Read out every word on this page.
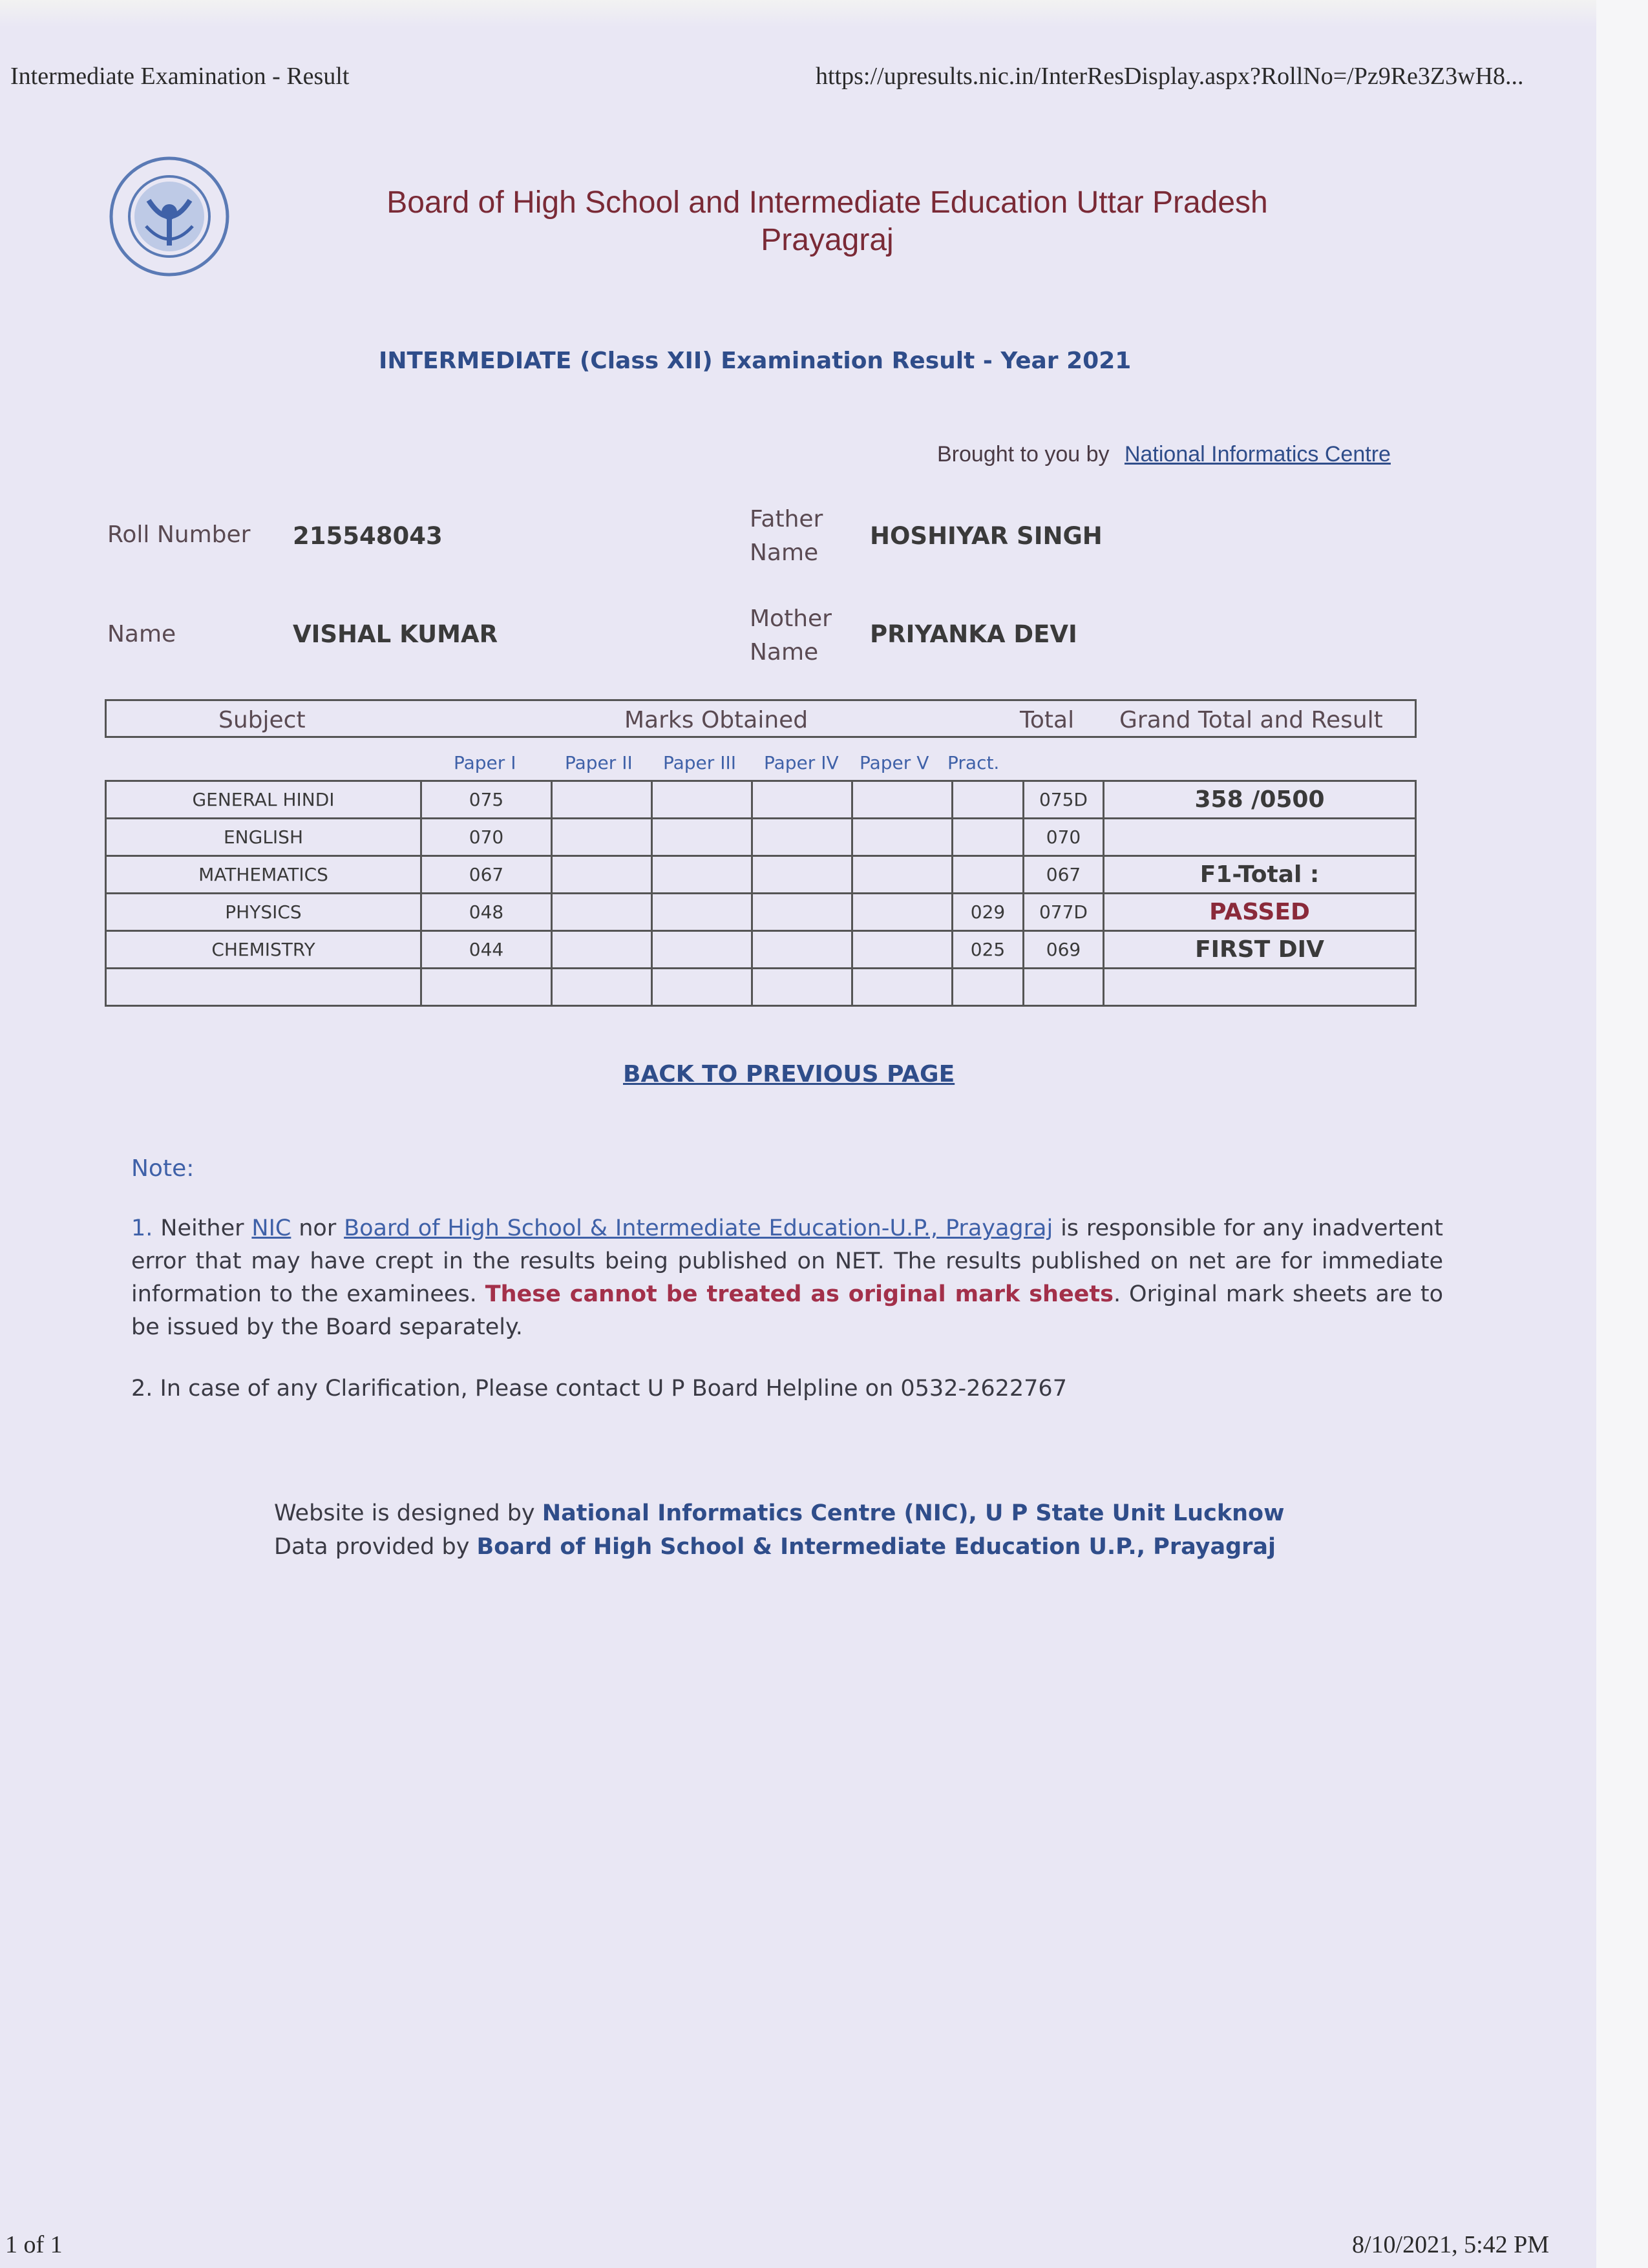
Intermediate Examination - Result	https://upresults.nic.in/InterResDisplay.aspx?RollNo=/Pz9Re3Z3wH8...
Board of High School and Intermediate Education Uttar Pradesh
Prayagraj
INTERMEDIATE (Class XII) Examination Result - Year 2021
Brought to you by National Informatics Centre
Roll Number 215548043
Father
Name
HOSHIYAR SINGH
Name	VISHAL KUMAR
Mother
Name
PRIYANKA DEVI
Subject	Marks Obtained	Total Grand Total and Result
Paper I	Paper II Paper III Paper IV Paper V Pract.
GENERAL HINDI	075						075D	358 /0500
ENGLISH	070						070	
MATHEMATICS	067						067	F1-Total :
PHYSICS	048					029	077D	PASSED
CHEMISTRY	044					025	069	FIRST DIV

BACK TO PREVIOUS PAGE
Note:
1. Neither NIC nor Board of High School & Intermediate Education-U.P., Prayagraj is responsible for any inadvertent error that may have crept in the results being published on NET. The results published on net are for immediate information to the examinees. These cannot be treated as original mark sheets. Original mark sheets are to be issued by the Board separately.
2. In case of any Clarification, Please contact U P Board Helpline on 0532-2622767
Website is designed by National Informatics Centre (NIC), U P State Unit Lucknow
Data provided by Board of High School & Intermediate Education U.P., Prayagraj
1 of 1	8/10/2021, 5:42 PM
